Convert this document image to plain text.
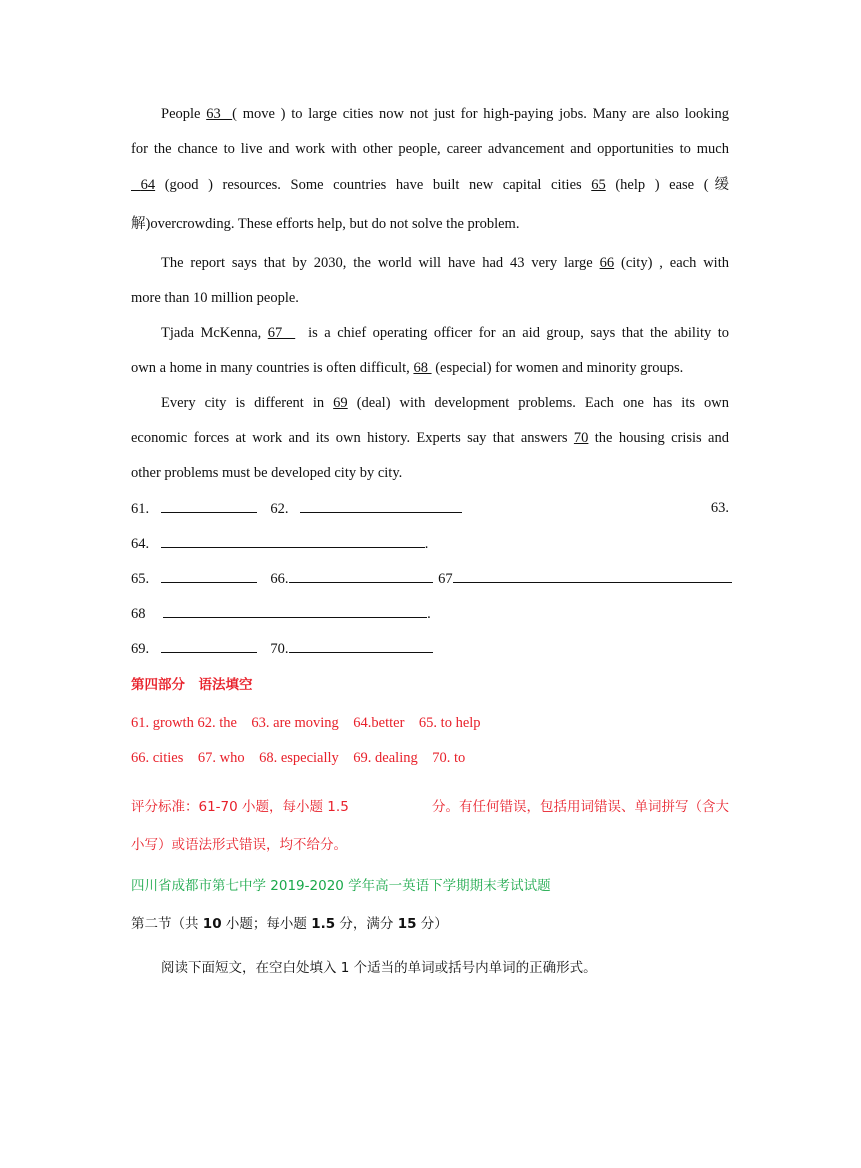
People 63  ( move ) to large cities now not just for high-paying jobs. Many are also looking
for the chance to live and work with other people, career advancement and opportunities to much
64 (good ) resources. Some countries have built new capital cities 65 (help ) ease (缓
解)overcrowding. These efforts help, but do not solve the problem.
The report says that by 2030, the world will have had 43 very large 66 (city) , each with
more than 10 million people.
Tjada McKenna, 67    is a chief operating officer for an aid group, says that the ability to
own a home in many countries is often difficult, 68  (especial) for women and minority groups.
Every city is different in 69 (deal) with development problems. Each one has its own
economic forces at work and its own history. Experts say that answers 70 the housing crisis and
other problems must be developed city by city.
61.	62.	63.
64.	.
65.	66.	67
68	.
69.	70.
第四部分　语法填空
61. growth 62. the    63. are moving    64.better    65. to help
66. cities    67. who    68. especially    69. dealing    70. to
评分标准：61-70 小题，每小题 1.5	分。有任何错误，包括用词错误、单词拼写（含大
小写）或语法形式错误，均不给分。
四川省成都市第七中学 2019-2020 学年高一英语下学期期末考试试题
第二节（共 10 小题；每小题 1.5 分，满分 15 分）
阅读下面短文，在空白处填入 1 个适当的单词或括号内单词的正确形式。
